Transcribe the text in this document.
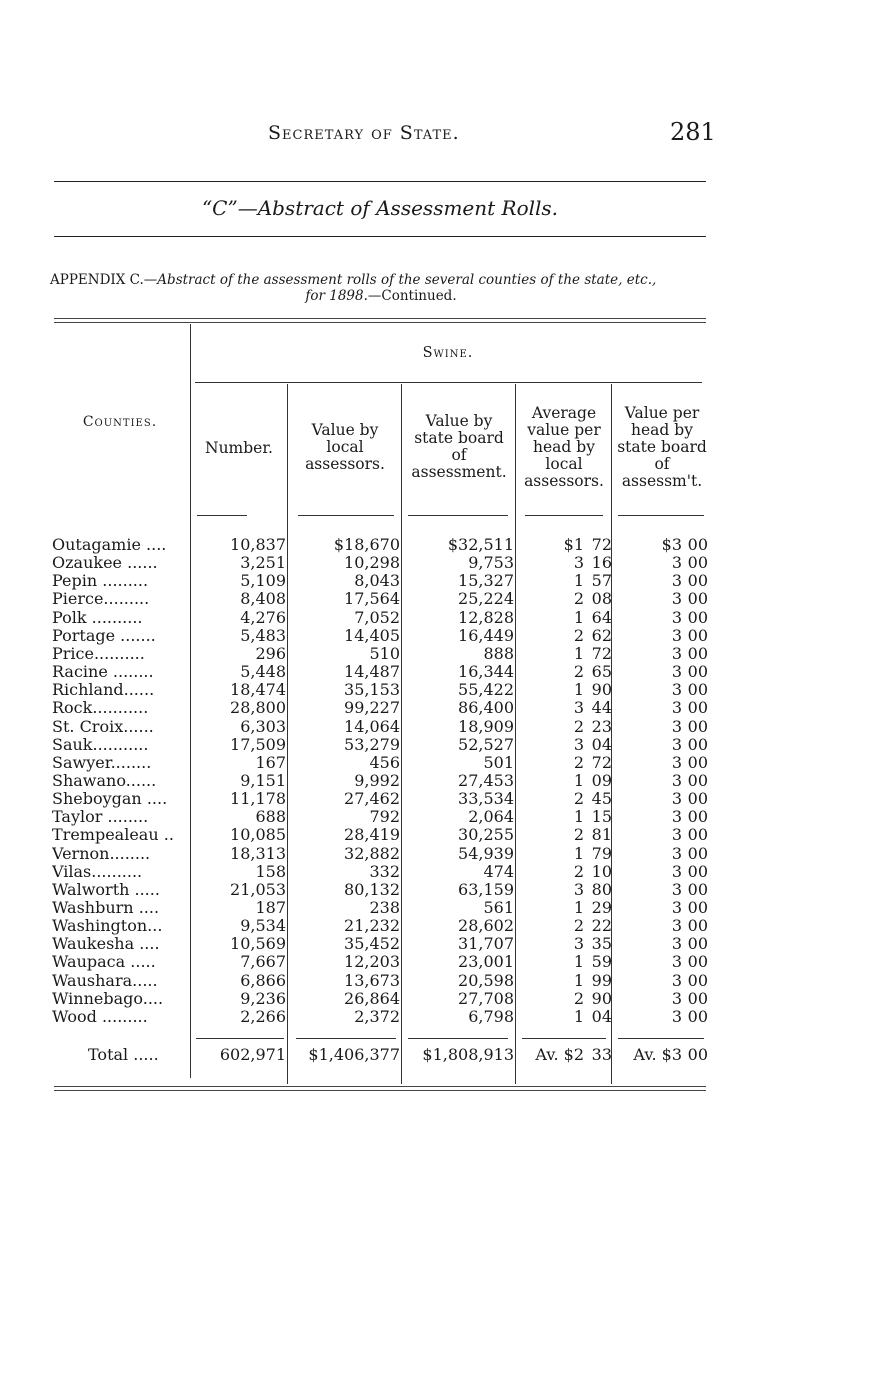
Secretary of State.	281
“C”—Abstract of Assessment Rolls.
APPENDIX C.—Abstract of the assessment rolls of the several counties of the state, etc.,
for 1898.—Continued.
Swine.
Counties.
Number.
Value by local assessors.
Value by state board of assessment.
Average value per head by local assessors.
Value per head by state board of assessm't.
Outagamie ....	10,837	$18,670	$32,511	$1 72	$3 00
Ozaukee ......	3,251	10,298	9,753	3 16	3 00
Pepin .........	5,109	8,043	15,327	1 57	3 00
Pierce.........	8,408	17,564	25,224	2 08	3 00
Polk ..........	4,276	7,052	12,828	1 64	3 00
Portage .......	5,483	14,405	16,449	2 62	3 00
Price..........	296	510	888	1 72	3 00
Racine ........	5,448	14,487	16,344	2 65	3 00
Richland......	18,474	35,153	55,422	1 90	3 00
Rock...........	28,800	99,227	86,400	3 44	3 00
St. Croix......	6,303	14,064	18,909	2 23	3 00
Sauk...........	17,509	53,279	52,527	3 04	3 00
Sawyer........	167	456	501	2 72	3 00
Shawano......	9,151	9,992	27,453	1 09	3 00
Sheboygan ....	11,178	27,462	33,534	2 45	3 00
Taylor ........	688	792	2,064	1 15	3 00
Trempealeau ..	10,085	28,419	30,255	2 81	3 00
Vernon........	18,313	32,882	54,939	1 79	3 00
Vilas..........	158	332	474	2 10	3 00
Walworth .....	21,053	80,132	63,159	3 80	3 00
Washburn ....	187	238	561	1 29	3 00
Washington...	9,534	21,232	28,602	2 22	3 00
Waukesha ....	10,569	35,452	31,707	3 35	3 00
Waupaca .....	7,667	12,203	23,001	1 59	3 00
Waushara.....	6,866	13,673	20,598	1 99	3 00
Winnebago....	9,236	26,864	27,708	2 90	3 00
Wood .........	2,266	2,372	6,798	1 04	3 00
Total .....	602,971	$1,406,377	$1,808,913	Av. $2 33	Av. $3 00
